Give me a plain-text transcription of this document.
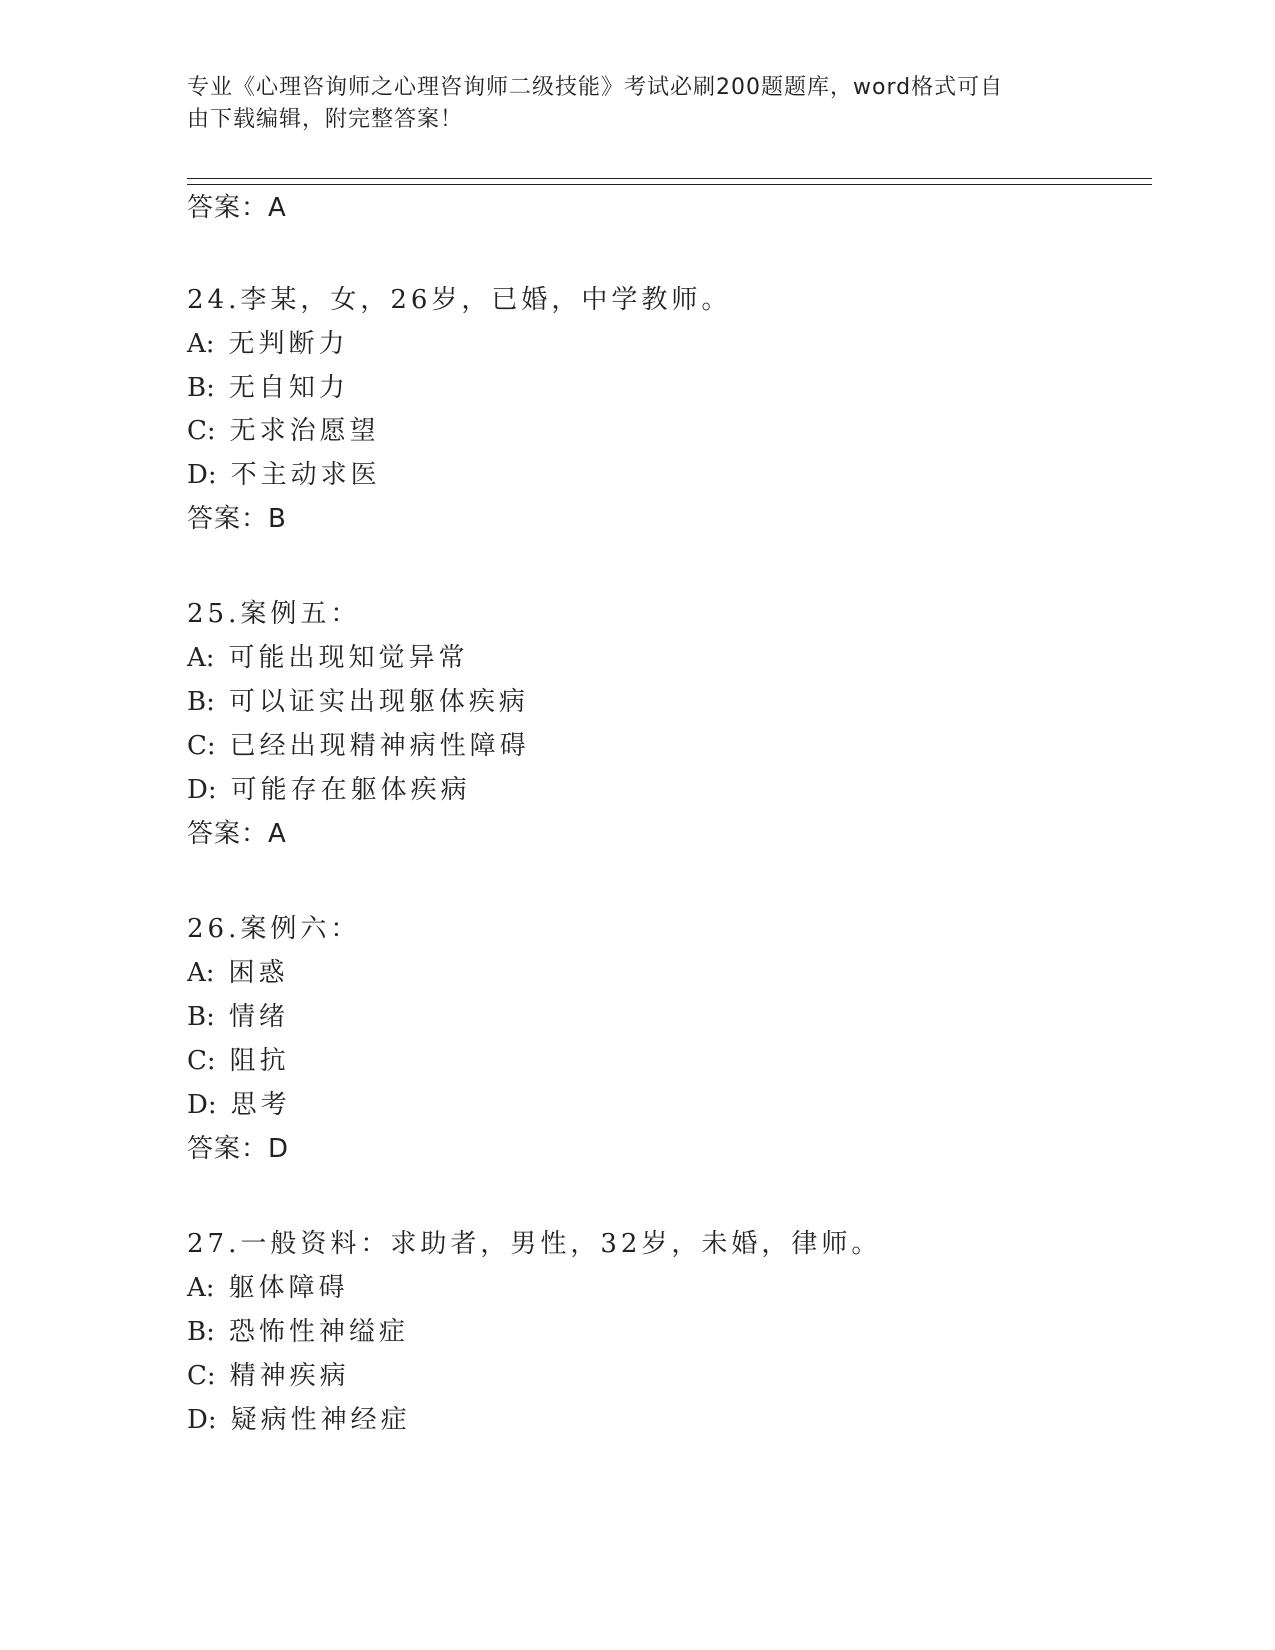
专业《心理咨询师之心理咨询师二级技能》考试必刷200题题库，word格式可自
由下载编辑，附完整答案！
答案：A
24.李某，女，26岁，已婚，中学教师。
A: 无判断力
B: 无自知力
C: 无求治愿望
D: 不主动求医
答案：B
25.案例五：
A: 可能出现知觉异常
B: 可以证实出现躯体疾病
C: 已经出现精神病性障碍
D: 可能存在躯体疾病
答案：A
26.案例六：
A: 困惑
B: 情绪
C: 阻抗
D: 思考
答案：D
27.一般资料：求助者，男性，32岁，未婚，律师。
A: 躯体障碍
B: 恐怖性神缢症
C: 精神疾病
D: 疑病性神经症
